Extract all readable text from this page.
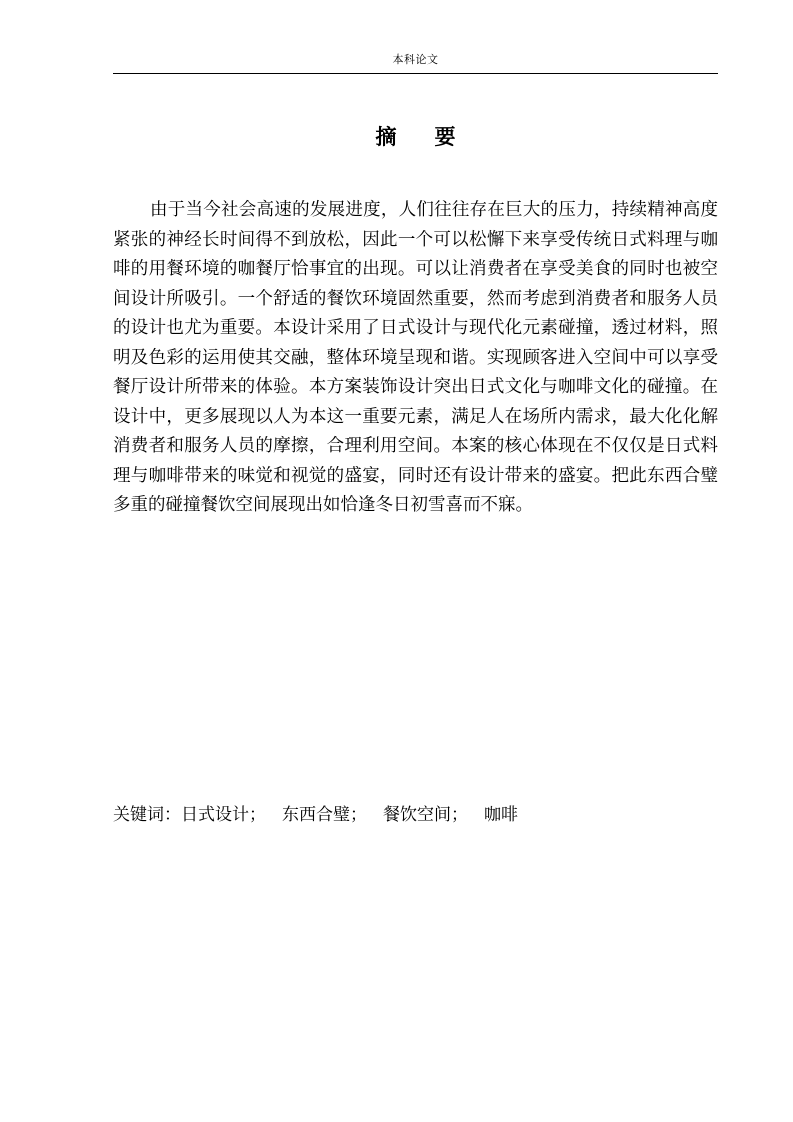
本科论文
摘要

由于当今社会高速的发展进度，人们往往存在巨大的压力，持续精神高度紧张的神经长时间得不到放松，因此一个可以松懈下来享受传统日式料理与咖啡的用餐环境的咖餐厅恰事宜的出现。可以让消费者在享受美食的同时也被空间设计所吸引。一个舒适的餐饮环境固然重要，然而考虑到消费者和服务人员的设计也尤为重要。本设计采用了日式设计与现代化元素碰撞，透过材料，照明及色彩的运用使其交融，整体环境呈现和谐。实现顾客进入空间中可以享受餐厅设计所带来的体验。本方案装饰设计突出日式文化与咖啡文化的碰撞。在设计中，更多展现以人为本这一重要元素，满足人在场所内需求，最大化化解消费者和服务人员的摩擦，合理利用空间。本案的核心体现在不仅仅是日式料理与咖啡带来的味觉和视觉的盛宴，同时还有设计带来的盛宴。把此东西合璧多重的碰撞餐饮空间展现出如恰逢冬日初雪喜而不寐。

关键词：日式设计； 东西合璧； 餐饮空间； 咖啡
